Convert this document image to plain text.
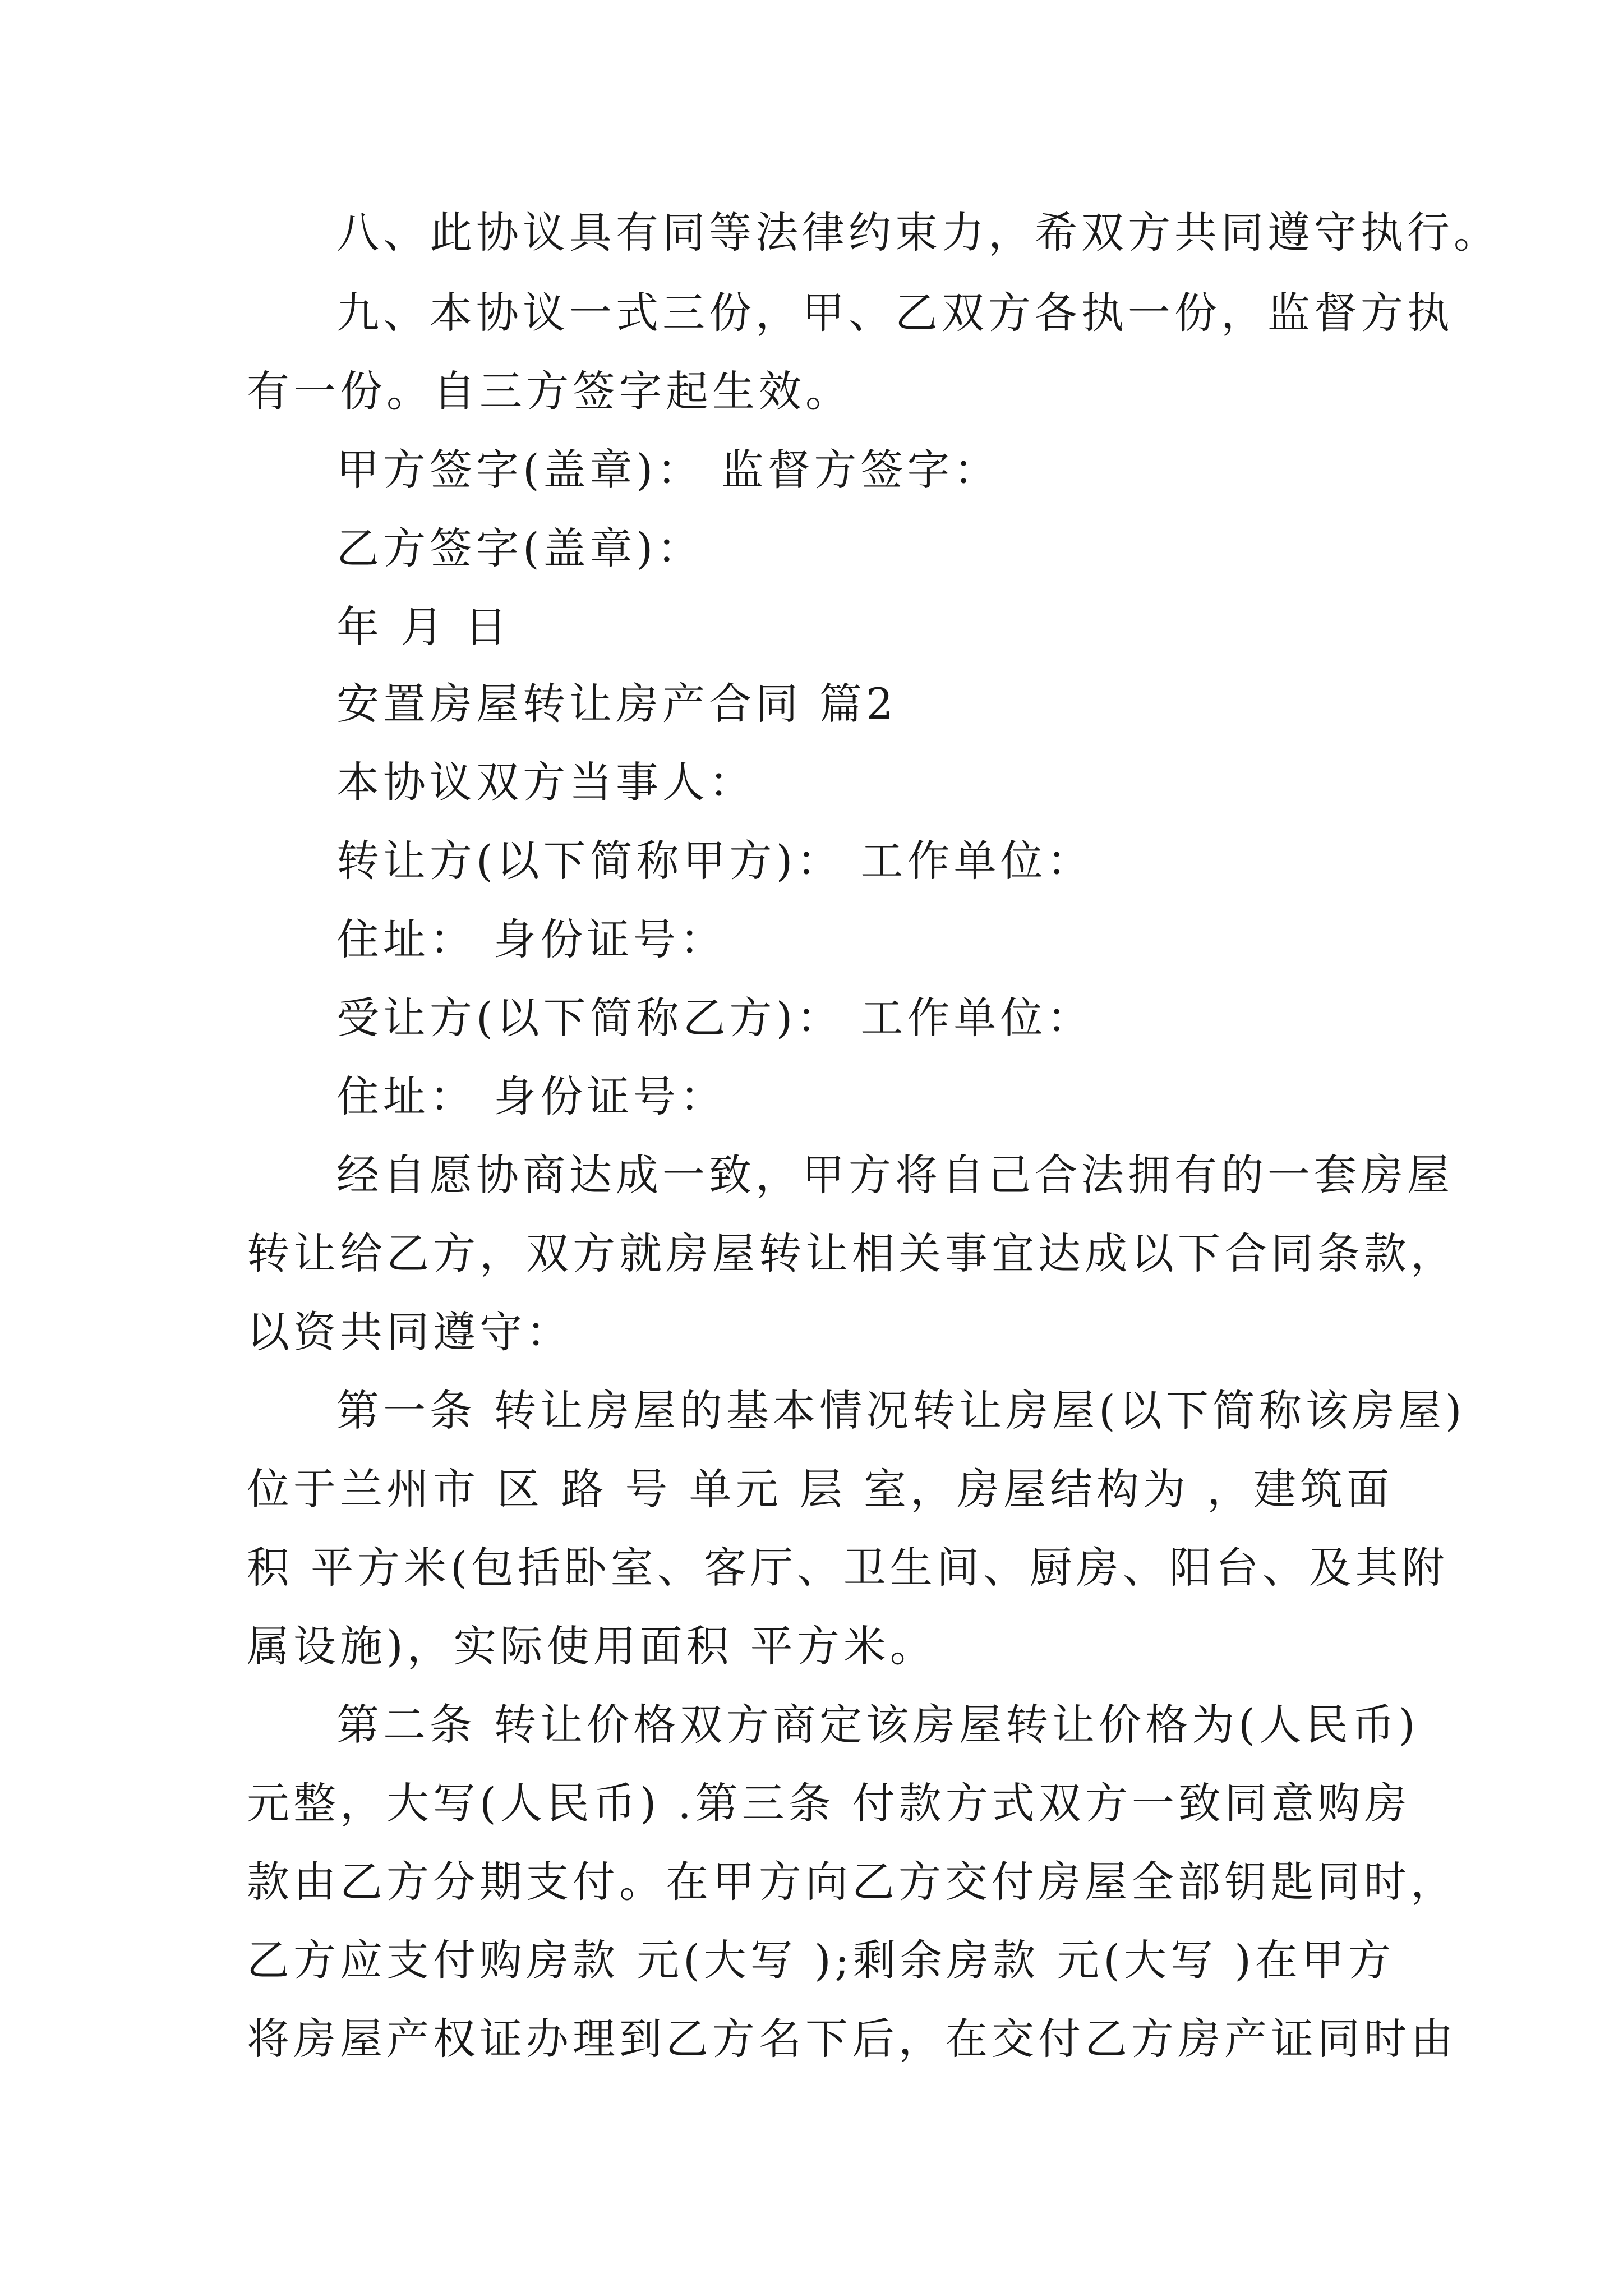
八、此协议具有同等法律约束力，希双方共同遵守执行。
九、本协议一式三份，甲、乙双方各执一份，监督方执
有一份。自三方签字起生效。
甲方签字(盖章)： 监督方签字：
乙方签字(盖章)：
年 月 日
安置房屋转让房产合同 篇2
本协议双方当事人：
转让方(以下简称甲方)： 工作单位：
住址： 身份证号：
受让方(以下简称乙方)： 工作单位：
住址： 身份证号：
经自愿协商达成一致，甲方将自己合法拥有的一套房屋
转让给乙方，双方就房屋转让相关事宜达成以下合同条款，
以资共同遵守：
第一条 转让房屋的基本情况转让房屋(以下简称该房屋)
位于兰州市 区 路 号 单元 层 室，房屋结构为 ，建筑面
积 平方米(包括卧室、客厅、卫生间、厨房、阳台、及其附
属设施)，实际使用面积 平方米。
第二条 转让价格双方商定该房屋转让价格为(人民币)
元整，大写(人民币) .第三条 付款方式双方一致同意购房
款由乙方分期支付。在甲方向乙方交付房屋全部钥匙同时，
乙方应支付购房款 元(大写 );剩余房款 元(大写 )在甲方
将房屋产权证办理到乙方名下后，在交付乙方房产证同时由
